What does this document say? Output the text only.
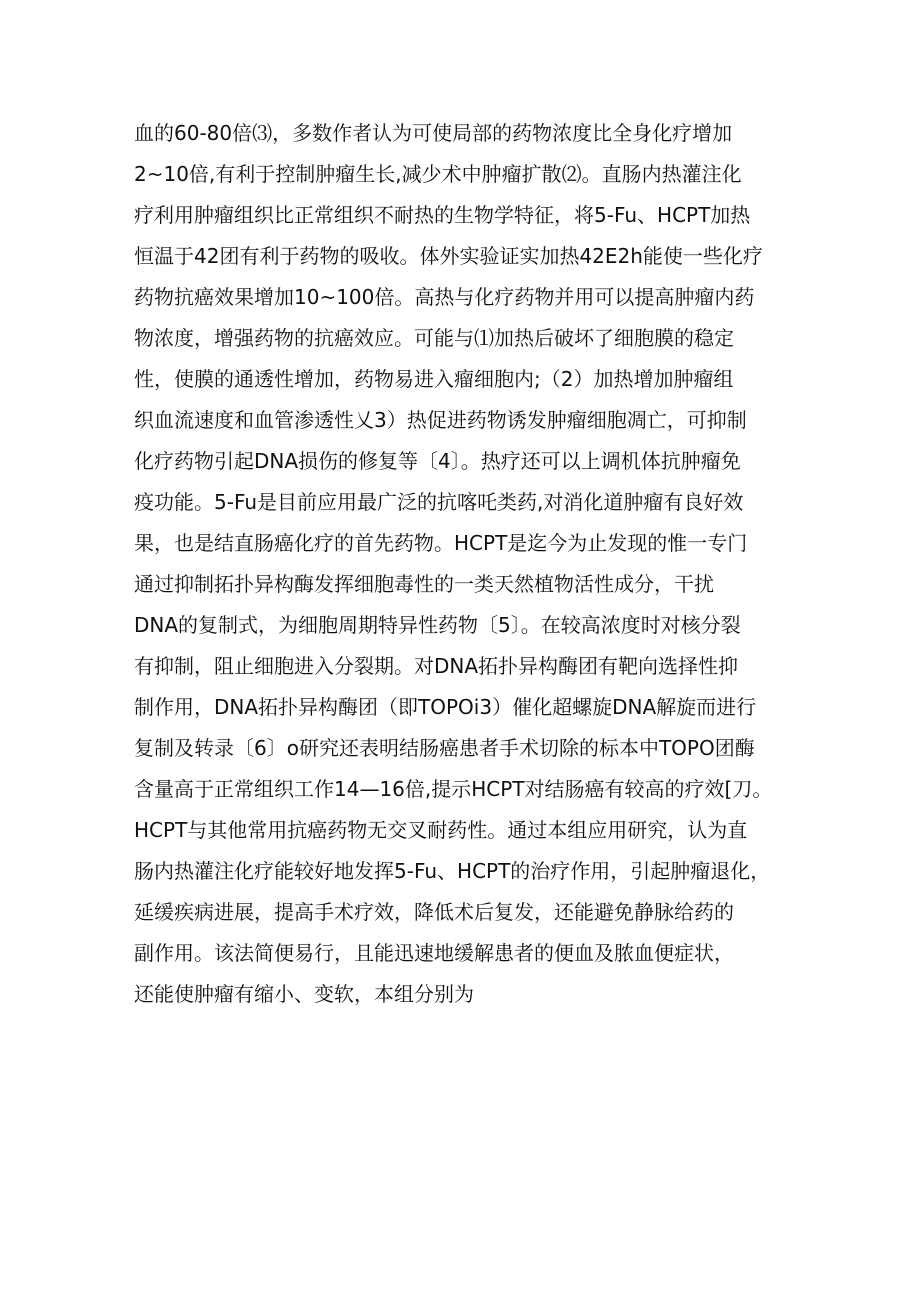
血的60-80倍⑶，多数作者认为可使局部的药物浓度比全身化疗增加
2~10倍,有利于控制肿瘤生长,减少术中肿瘤扩散⑵。直肠内热灌注化
疗利用肿瘤组织比正常组织不耐热的生物学特征，将5-Fu、HCPT加热
恒温于42团有利于药物的吸收。体外实验证实加热42E2h能使一些化疗
药物抗癌效果增加10~100倍。高热与化疗药物并用可以提高肿瘤内药
物浓度，增强药物的抗癌效应。可能与⑴加热后破坏了细胞膜的稳定
性，使膜的通透性增加，药物易进入瘤细胞内;（2）加热增加肿瘤组
织血流速度和血管渗透性乂3）热促进药物诱发肿瘤细胞凋亡，可抑制
化疗药物引起DNA损伤的修复等〔4〕。热疗还可以上调机体抗肿瘤免
疫功能。5-Fu是目前应用最广泛的抗喀吒类药,对消化道肿瘤有良好效
果，也是结直肠癌化疗的首先药物。HCPT是迄今为止发现的惟一专门
通过抑制拓扑异构酶发挥细胞毒性的一类天然植物活性成分，干扰
DNA的复制式，为细胞周期特异性药物〔5〕。在较高浓度时对核分裂
有抑制，阻止细胞进入分裂期。对DNA拓扑异构酶团有靶向选择性抑
制作用，DNA拓扑异构酶团（即TOPOi3）催化超螺旋DNA解旋而进行
复制及转录〔6〕o研究还表明结肠癌患者手术切除的标本中TOPO团酶
含量高于正常组织工作14—16倍,提示HCPT对结肠癌有较高的疗效[刀。
HCPT与其他常用抗癌药物无交叉耐药性。通过本组应用研究，认为直
肠内热灌注化疗能较好地发挥5-Fu、HCPT的治疗作用，引起肿瘤退化，
延缓疾病进展，提高手术疗效，降低术后复发，还能避免静脉给药的
副作用。该法简便易行，且能迅速地缓解患者的便血及脓血便症状，
还能使肿瘤有缩小、变软，本组分别为
